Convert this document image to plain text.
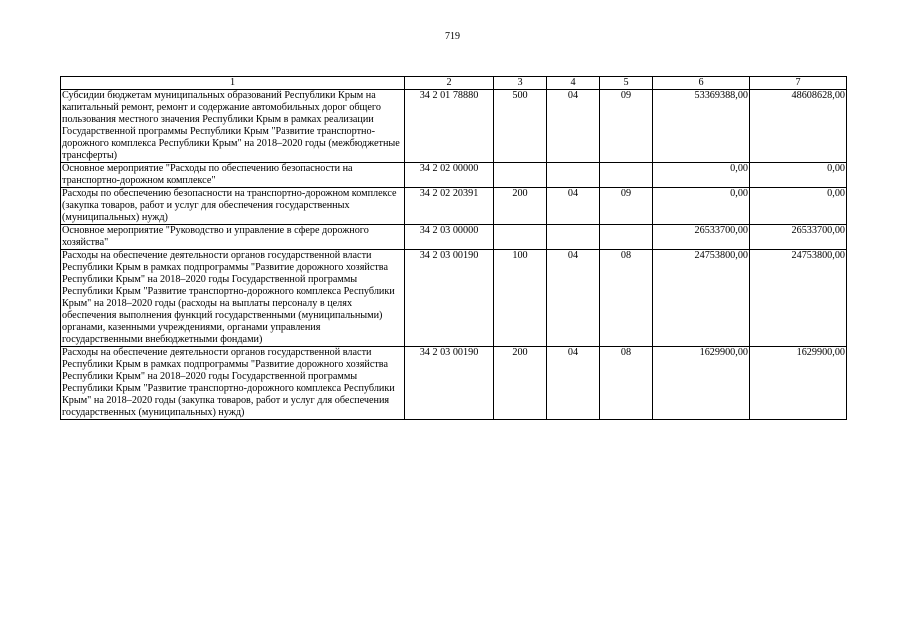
719
1	2	3	4	5	6	7
Субсидии бюджетам муниципальных образований Республики Крым на капитальный ремонт, ремонт и содержание автомобильных дорог общего пользования местного значения Республики Крым в рамках реализации Государственной программы Республики Крым "Развитие транспортно-дорожного комплекса Республики Крым" на 2018–2020 годы (межбюджетные трансферты)	34 2 01 78880	500	04	09	53369388,00	48608628,00
Основное мероприятие "Расходы по обеспечению безопасности на транспортно-дорожном комплексе"	34 2 02 00000				0,00	0,00
Расходы по обеспечению безопасности на транспортно-дорожном комплексе (закупка товаров, работ и услуг для обеспечения государственных (муниципальных) нужд)	34 2 02 20391	200	04	09	0,00	0,00
Основное мероприятие "Руководство и управление в сфере дорожного хозяйства"	34 2 03 00000				26533700,00	26533700,00
Расходы на обеспечение деятельности органов государственной власти Республики Крым в рамках подпрограммы "Развитие дорожного хозяйства Республики Крым" на 2018–2020 годы Государственной программы Республики Крым "Развитие транспортно-дорожного комплекса Республики Крым" на 2018–2020 годы (расходы на выплаты персоналу в целях обеспечения выполнения функций государственными (муниципальными) органами, казенными учреждениями, органами управления государственными внебюджетными фондами)	34 2 03 00190	100	04	08	24753800,00	24753800,00
Расходы на обеспечение деятельности органов государственной власти Республики Крым в рамках подпрограммы "Развитие дорожного хозяйства Республики Крым" на 2018–2020 годы Государственной программы Республики Крым "Развитие транспортно-дорожного комплекса Республики Крым" на 2018–2020 годы (закупка товаров, работ и услуг для обеспечения государственных (муниципальных) нужд)	34 2 03 00190	200	04	08	1629900,00	1629900,00
